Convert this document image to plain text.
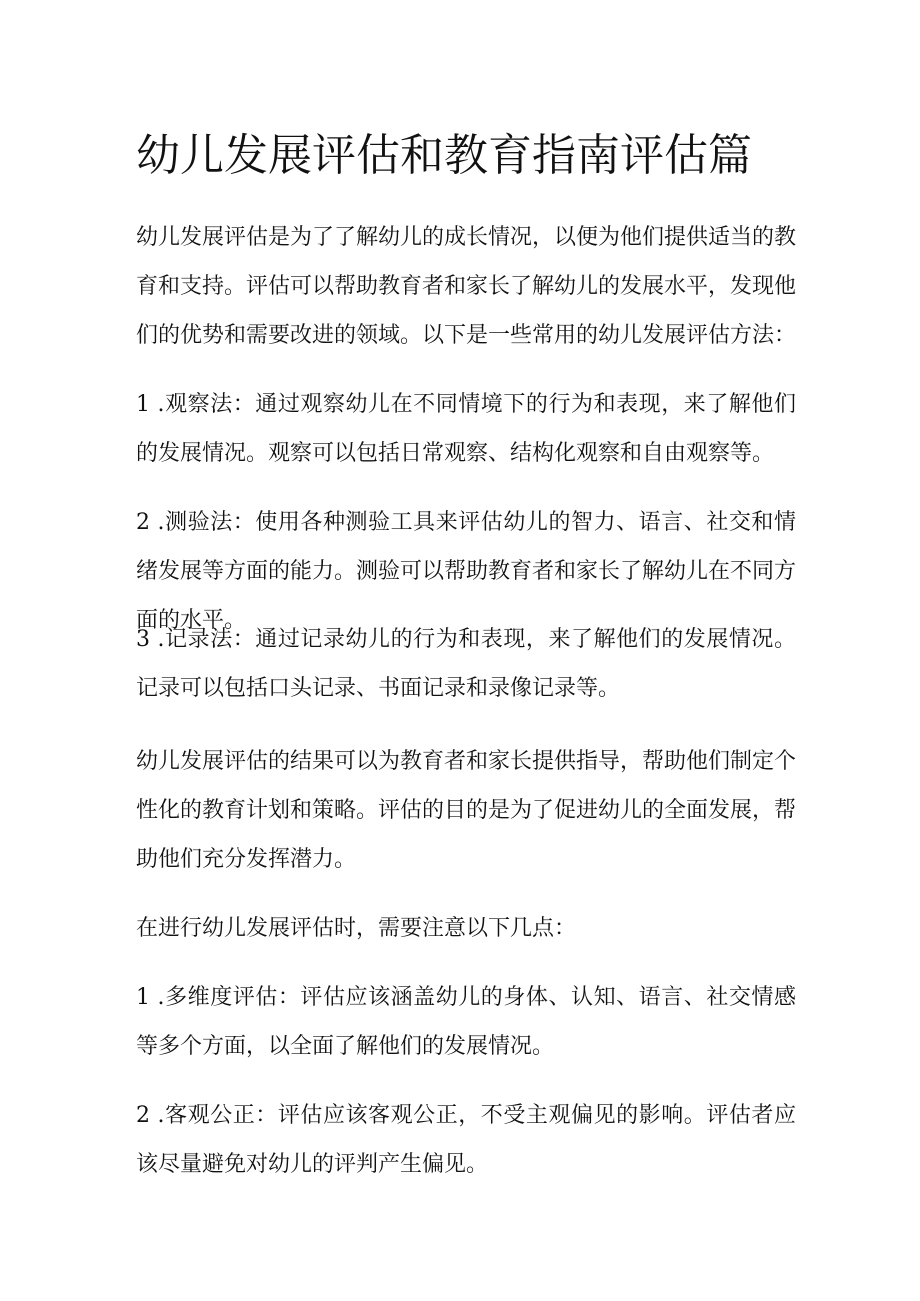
幼儿发展评估和教育指南评估篇

幼儿发展评估是为了了解幼儿的成长情况，以便为他们提供适当的教育和支持。评估可以帮助教育者和家长了解幼儿的发展水平，发现他们的优势和需要改进的领域。以下是一些常用的幼儿发展评估方法：

1 .观察法：通过观察幼儿在不同情境下的行为和表现，来了解他们的发展情况。观察可以包括日常观察、结构化观察和自由观察等。

2 .测验法：使用各种测验工具来评估幼儿的智力、语言、社交和情绪发展等方面的能力。测验可以帮助教育者和家长了解幼儿在不同方面的水平。

3 .记录法：通过记录幼儿的行为和表现，来了解他们的发展情况。记录可以包括口头记录、书面记录和录像记录等。

幼儿发展评估的结果可以为教育者和家长提供指导，帮助他们制定个性化的教育计划和策略。评估的目的是为了促进幼儿的全面发展，帮助他们充分发挥潜力。

在进行幼儿发展评估时，需要注意以下几点：

1 .多维度评估：评估应该涵盖幼儿的身体、认知、语言、社交情感等多个方面，以全面了解他们的发展情况。

2 .客观公正：评估应该客观公正，不受主观偏见的影响。评估者应该尽量避免对幼儿的评判产生偏见。
